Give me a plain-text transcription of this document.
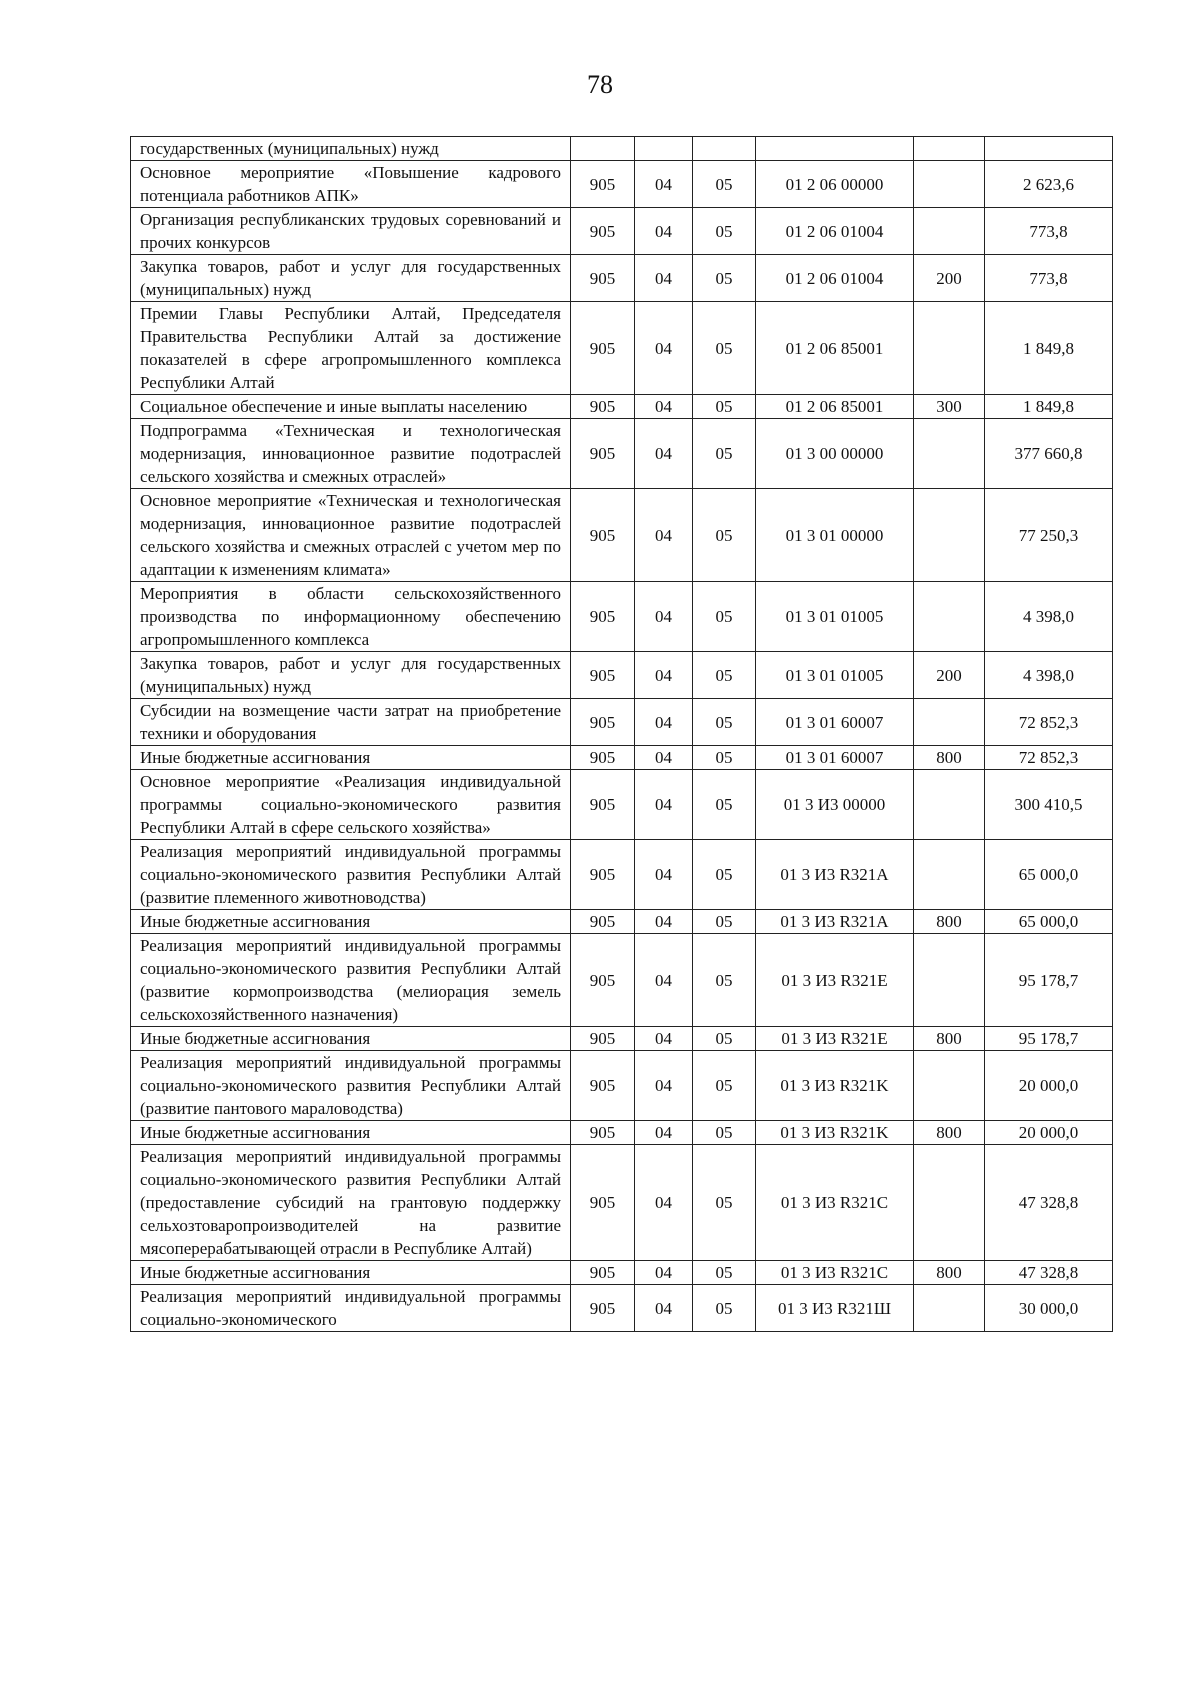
78
государственных (муниципальных) нужд						
Основное мероприятие «Повышение кадрового потенциала работников АПК»	905	04	05	01 2 06 00000		2 623,6
Организация республиканских трудовых соревнований и прочих конкурсов	905	04	05	01 2 06 01004		773,8
Закупка товаров, работ и услуг для государственных (муниципальных) нужд	905	04	05	01 2 06 01004	200	773,8
Премии Главы Республики Алтай, Председателя Правительства Республики Алтай за достижение показателей в сфере агропромышленного комплекса Республики Алтай	905	04	05	01 2 06 85001		1 849,8
Социальное обеспечение и иные выплаты населению	905	04	05	01 2 06 85001	300	1 849,8
Подпрограмма «Техническая и технологическая модернизация, инновационное развитие подотраслей сельского хозяйства и смежных отраслей»	905	04	05	01 3 00 00000		377 660,8
Основное мероприятие «Техническая и технологическая модернизация, инновационное развитие подотраслей сельского хозяйства и смежных отраслей с учетом мер по адаптации к изменениям климата»	905	04	05	01 3 01 00000		77 250,3
Мероприятия в области сельскохозяйственного производства по информационному обеспечению агропромышленного комплекса	905	04	05	01 3 01 01005		4 398,0
Закупка товаров, работ и услуг для государственных (муниципальных) нужд	905	04	05	01 3 01 01005	200	4 398,0
Субсидии на возмещение части затрат на приобретение техники и оборудования	905	04	05	01 3 01 60007		72 852,3
Иные бюджетные ассигнования	905	04	05	01 3 01 60007	800	72 852,3
Основное мероприятие «Реализация индивидуальной программы социально-экономического развития Республики Алтай в сфере сельского хозяйства»	905	04	05	01 3 И3 00000		300 410,5
Реализация мероприятий индивидуальной программы социально-экономического развития Республики Алтай (развитие племенного животноводства)	905	04	05	01 3 И3 R321A		65 000,0
Иные бюджетные ассигнования	905	04	05	01 3 И3 R321A	800	65 000,0
Реализация мероприятий индивидуальной программы социально-экономического развития Республики Алтай (развитие кормопроизводства (мелиорация земель сельскохозяйственного назначения)	905	04	05	01 3 И3 R321E		95 178,7
Иные бюджетные ассигнования	905	04	05	01 3 И3 R321E	800	95 178,7
Реализация мероприятий индивидуальной программы социально-экономического развития Республики Алтай (развитие пантового мараловодства)	905	04	05	01 3 И3 R321K		20 000,0
Иные бюджетные ассигнования	905	04	05	01 3 И3 R321K	800	20 000,0
Реализация мероприятий индивидуальной программы социально-экономического развития Республики Алтай (предоставление субсидий на грантовую поддержку сельхозтоваропроизводителей на развитие мясоперерабатывающей отрасли в Республике Алтай)	905	04	05	01 3 И3 R321C		47 328,8
Иные бюджетные ассигнования	905	04	05	01 3 И3 R321C	800	47 328,8
Реализация мероприятий индивидуальной программы социально-экономического	905	04	05	01 3 И3 R321Ш		30 000,0
